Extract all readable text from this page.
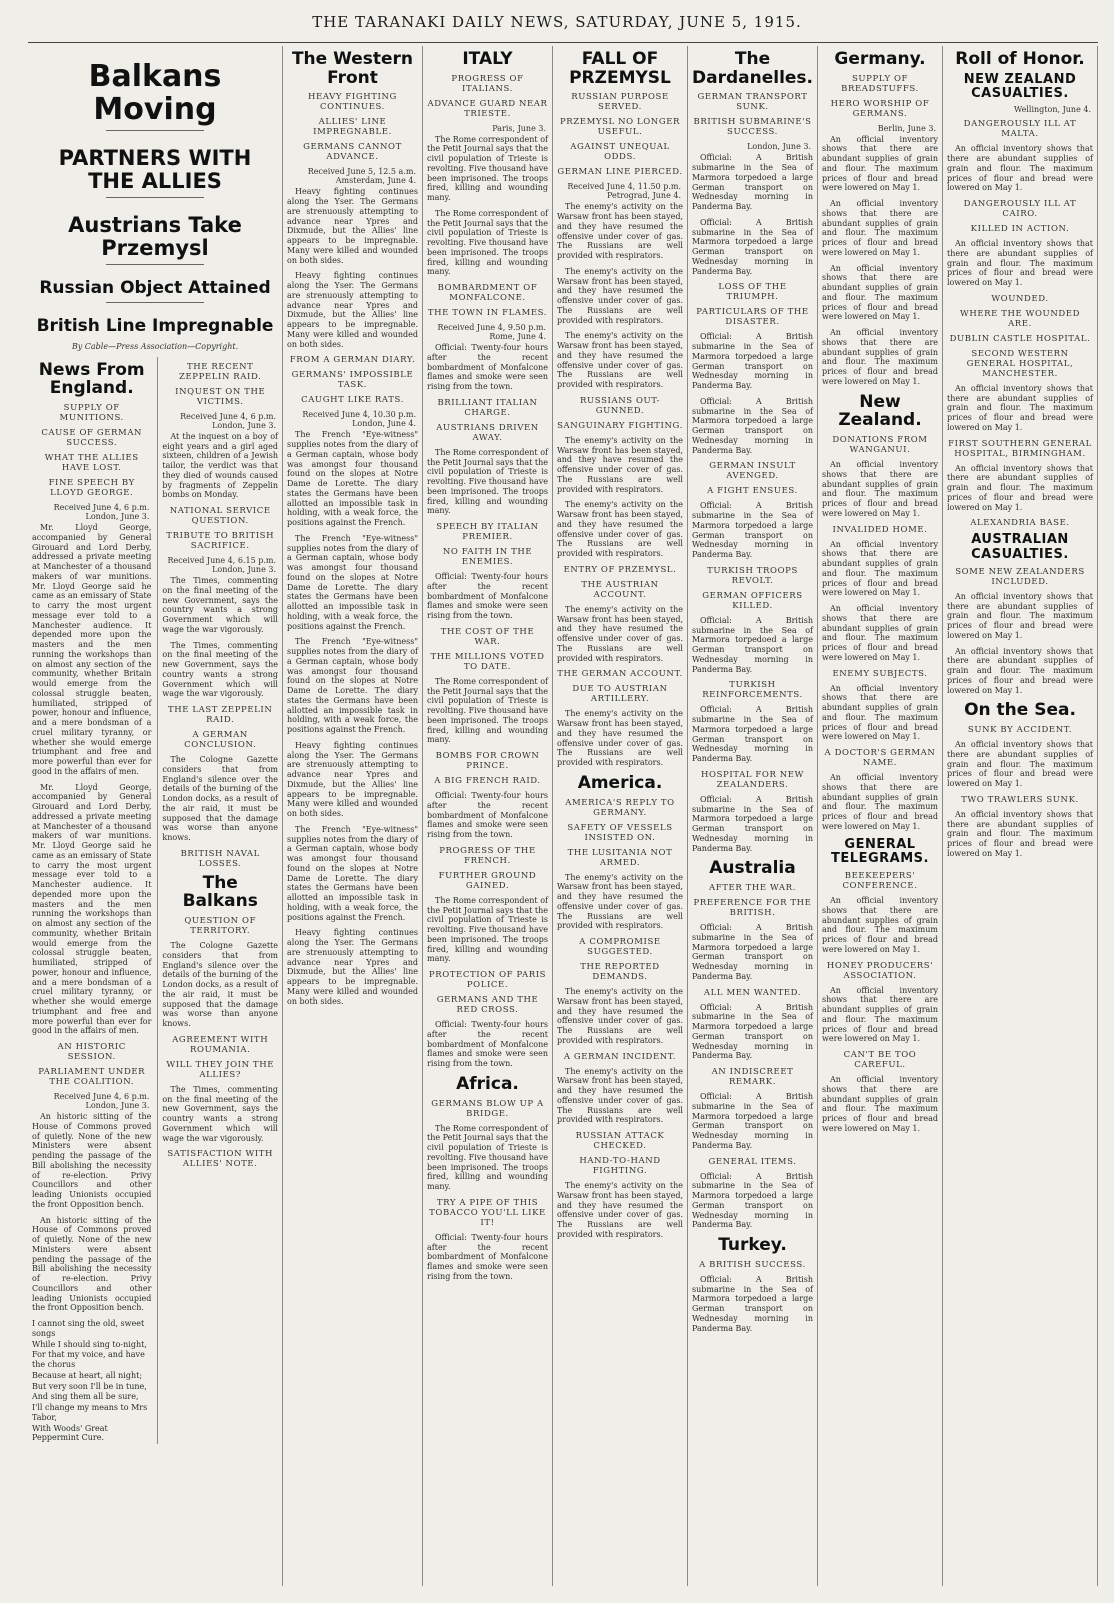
THE TARANAKI DAILY NEWS, SATURDAY, JUNE 5, 1915.
Balkans Moving
PARTNERS WITH THE ALLIES
Austrians Take Przemysl
Russian Object Attained
British Line Impregnable
By Cable—Press Association—Copyright.
News From England.
SUPPLY OF MUNITIONS.
CAUSE OF GERMAN SUCCESS.
WHAT THE ALLIES HAVE LOST.
FINE SPEECH BY LLOYD GEORGE.
Received June 4, 6 p.m. London, June 3.
Mr. Lloyd George, accompanied by General Girouard and Lord Derby, addressed a private meeting at Manchester of a thousand makers of war munitions. Mr. Lloyd George said he came as an emissary of State to carry the most urgent message ever told to a Manchester audience. It depended more upon the masters and the men running the workshops than on almost any section of the community, whether Britain would emerge from the colossal struggle beaten, humiliated, stripped of power, honour and influence, and a mere bondsman of a cruel military tyranny, or whether she would emerge triumphant and free and more powerful than ever for good in the affairs of men.
Mr. Lloyd George, accompanied by General Girouard and Lord Derby, addressed a private meeting at Manchester of a thousand makers of war munitions. Mr. Lloyd George said he came as an emissary of State to carry the most urgent message ever told to a Manchester audience. It depended more upon the masters and the men running the workshops than on almost any section of the community, whether Britain would emerge from the colossal struggle beaten, humiliated, stripped of power, honour and influence, and a mere bondsman of a cruel military tyranny, or whether she would emerge triumphant and free and more powerful than ever for good in the affairs of men.
AN HISTORIC SESSION.
PARLIAMENT UNDER THE COALITION.
Received June 4, 6 p.m. London, June 3.
An historic sitting of the House of Commons proved of quietly. None of the new Ministers were absent pending the passage of the Bill abolishing the necessity of re-election. Privy Councillors and other leading Unionists occupied the front Opposition bench.
An historic sitting of the House of Commons proved of quietly. None of the new Ministers were absent pending the passage of the Bill abolishing the necessity of re-election. Privy Councillors and other leading Unionists occupied the front Opposition bench.
I cannot sing the old, sweet songs
While I should sing to-night,
For that my voice, and have the chorus
Because at heart, all night;
But very soon I'll be in tune,
And sing them all be sure,
I'll change my means to Mrs Tabor,
With Woods' Great Peppermint Cure.
THE RECENT ZEPPELIN RAID.
INQUEST ON THE VICTIMS.
Received June 4, 6 p.m. London, June 3.
At the inquest on a boy of eight years and a girl aged sixteen, children of a Jewish tailor, the verdict was that they died of wounds caused by fragments of Zeppelin bombs on Monday.
NATIONAL SERVICE QUESTION.
TRIBUTE TO BRITISH SACRIFICE.
Received June 4, 6.15 p.m. London, June 3.
The Times, commenting on the final meeting of the new Government, says the country wants a strong Government which will wage the war vigorously.
The Times, commenting on the final meeting of the new Government, says the country wants a strong Government which will wage the war vigorously.
THE LAST ZEPPELIN RAID.
A GERMAN CONCLUSION.
The Cologne Gazette considers that from England's silence over the details of the burning of the London docks, as a result of the air raid, it must be supposed that the damage was worse than anyone knows.
BRITISH NAVAL LOSSES.
The Balkans
QUESTION OF TERRITORY.
The Cologne Gazette considers that from England's silence over the details of the burning of the London docks, as a result of the air raid, it must be supposed that the damage was worse than anyone knows.
AGREEMENT WITH ROUMANIA.
WILL THEY JOIN THE ALLIES?
The Times, commenting on the final meeting of the new Government, says the country wants a strong Government which will wage the war vigorously.
SATISFACTION WITH ALLIES' NOTE.
The Western Front
HEAVY FIGHTING CONTINUES.
ALLIES' LINE IMPREGNABLE.
GERMANS CANNOT ADVANCE.
Received June 5, 12.5 a.m. Amsterdam, June 4.
Heavy fighting continues along the Yser. The Germans are strenuously attempting to advance near Ypres and Dixmude, but the Allies' line appears to be impregnable. Many were killed and wounded on both sides.
Heavy fighting continues along the Yser. The Germans are strenuously attempting to advance near Ypres and Dixmude, but the Allies' line appears to be impregnable. Many were killed and wounded on both sides.
FROM A GERMAN DIARY.
GERMANS' IMPOSSIBLE TASK.
CAUGHT LIKE RATS.
Received June 4, 10.30 p.m. London, June 4.
The French "Eye-witness" supplies notes from the diary of a German captain, whose body was amongst four thousand found on the slopes at Notre Dame de Lorette. The diary states the Germans have been allotted an impossible task in holding, with a weak force, the positions against the French.
The French "Eye-witness" supplies notes from the diary of a German captain, whose body was amongst four thousand found on the slopes at Notre Dame de Lorette. The diary states the Germans have been allotted an impossible task in holding, with a weak force, the positions against the French.
The French "Eye-witness" supplies notes from the diary of a German captain, whose body was amongst four thousand found on the slopes at Notre Dame de Lorette. The diary states the Germans have been allotted an impossible task in holding, with a weak force, the positions against the French.
Heavy fighting continues along the Yser. The Germans are strenuously attempting to advance near Ypres and Dixmude, but the Allies' line appears to be impregnable. Many were killed and wounded on both sides.
The French "Eye-witness" supplies notes from the diary of a German captain, whose body was amongst four thousand found on the slopes at Notre Dame de Lorette. The diary states the Germans have been allotted an impossible task in holding, with a weak force, the positions against the French.
Heavy fighting continues along the Yser. The Germans are strenuously attempting to advance near Ypres and Dixmude, but the Allies' line appears to be impregnable. Many were killed and wounded on both sides.
ITALY
PROGRESS OF ITALIANS.
ADVANCE GUARD NEAR TRIESTE.
Paris, June 3.
The Rome correspondent of the Petit Journal says that the civil population of Trieste is revolting. Five thousand have been imprisoned. The troops fired, killing and wounding many.
The Rome correspondent of the Petit Journal says that the civil population of Trieste is revolting. Five thousand have been imprisoned. The troops fired, killing and wounding many.
BOMBARDMENT OF MONFALCONE.
THE TOWN IN FLAMES.
Received June 4, 9.50 p.m. Rome, June 4.
Official: Twenty-four hours after the recent bombardment of Monfalcone flames and smoke were seen rising from the town.
BRILLIANT ITALIAN CHARGE.
AUSTRIANS DRIVEN AWAY.
The Rome correspondent of the Petit Journal says that the civil population of Trieste is revolting. Five thousand have been imprisoned. The troops fired, killing and wounding many.
SPEECH BY ITALIAN PREMIER.
NO FAITH IN THE ENEMIES.
Official: Twenty-four hours after the recent bombardment of Monfalcone flames and smoke were seen rising from the town.
THE COST OF THE WAR.
THE MILLIONS VOTED TO DATE.
The Rome correspondent of the Petit Journal says that the civil population of Trieste is revolting. Five thousand have been imprisoned. The troops fired, killing and wounding many.
BOMBS FOR CROWN PRINCE.
A BIG FRENCH RAID.
Official: Twenty-four hours after the recent bombardment of Monfalcone flames and smoke were seen rising from the town.
PROGRESS OF THE FRENCH.
FURTHER GROUND GAINED.
The Rome correspondent of the Petit Journal says that the civil population of Trieste is revolting. Five thousand have been imprisoned. The troops fired, killing and wounding many.
PROTECTION OF PARIS POLICE.
GERMANS AND THE RED CROSS.
Official: Twenty-four hours after the recent bombardment of Monfalcone flames and smoke were seen rising from the town.
Africa.
GERMANS BLOW UP A BRIDGE.
The Rome correspondent of the Petit Journal says that the civil population of Trieste is revolting. Five thousand have been imprisoned. The troops fired, killing and wounding many.
TRY A PIPE OF THIS TOBACCO YOU'LL LIKE IT!
Official: Twenty-four hours after the recent bombardment of Monfalcone flames and smoke were seen rising from the town.
FALL OF PRZEMYSL
RUSSIAN PURPOSE SERVED.
PRZEMYSL NO LONGER USEFUL.
AGAINST UNEQUAL ODDS.
GERMAN LINE PIERCED.
Received June 4, 11.50 p.m. Petrograd, June 4.
The enemy's activity on the Warsaw front has been stayed, and they have resumed the offensive under cover of gas. The Russians are well provided with respirators.
The enemy's activity on the Warsaw front has been stayed, and they have resumed the offensive under cover of gas. The Russians are well provided with respirators.
The enemy's activity on the Warsaw front has been stayed, and they have resumed the offensive under cover of gas. The Russians are well provided with respirators.
RUSSIANS OUT-GUNNED.
SANGUINARY FIGHTING.
The enemy's activity on the Warsaw front has been stayed, and they have resumed the offensive under cover of gas. The Russians are well provided with respirators.
The enemy's activity on the Warsaw front has been stayed, and they have resumed the offensive under cover of gas. The Russians are well provided with respirators.
ENTRY OF PRZEMYSL.
THE AUSTRIAN ACCOUNT.
The enemy's activity on the Warsaw front has been stayed, and they have resumed the offensive under cover of gas. The Russians are well provided with respirators.
THE GERMAN ACCOUNT.
DUE TO AUSTRIAN ARTILLERY.
The enemy's activity on the Warsaw front has been stayed, and they have resumed the offensive under cover of gas. The Russians are well provided with respirators.
America.
AMERICA'S REPLY TO GERMANY.
SAFETY OF VESSELS INSISTED ON.
THE LUSITANIA NOT ARMED.
The enemy's activity on the Warsaw front has been stayed, and they have resumed the offensive under cover of gas. The Russians are well provided with respirators.
A COMPROMISE SUGGESTED.
THE REPORTED DEMANDS.
The enemy's activity on the Warsaw front has been stayed, and they have resumed the offensive under cover of gas. The Russians are well provided with respirators.
A GERMAN INCIDENT.
The enemy's activity on the Warsaw front has been stayed, and they have resumed the offensive under cover of gas. The Russians are well provided with respirators.
RUSSIAN ATTACK CHECKED.
HAND-TO-HAND FIGHTING.
The enemy's activity on the Warsaw front has been stayed, and they have resumed the offensive under cover of gas. The Russians are well provided with respirators.
The Dardanelles.
GERMAN TRANSPORT SUNK.
BRITISH SUBMARINE'S SUCCESS.
London, June 3.
Official: A British submarine in the Sea of Marmora torpedoed a large German transport on Wednesday morning in Panderma Bay.
Official: A British submarine in the Sea of Marmora torpedoed a large German transport on Wednesday morning in Panderma Bay.
LOSS OF THE TRIUMPH.
PARTICULARS OF THE DISASTER.
Official: A British submarine in the Sea of Marmora torpedoed a large German transport on Wednesday morning in Panderma Bay.
Official: A British submarine in the Sea of Marmora torpedoed a large German transport on Wednesday morning in Panderma Bay.
GERMAN INSULT AVENGED.
A FIGHT ENSUES.
Official: A British submarine in the Sea of Marmora torpedoed a large German transport on Wednesday morning in Panderma Bay.
TURKISH TROOPS REVOLT.
GERMAN OFFICERS KILLED.
Official: A British submarine in the Sea of Marmora torpedoed a large German transport on Wednesday morning in Panderma Bay.
TURKISH REINFORCEMENTS.
Official: A British submarine in the Sea of Marmora torpedoed a large German transport on Wednesday morning in Panderma Bay.
HOSPITAL FOR NEW ZEALANDERS.
Official: A British submarine in the Sea of Marmora torpedoed a large German transport on Wednesday morning in Panderma Bay.
Australia
AFTER THE WAR.
PREFERENCE FOR THE BRITISH.
Official: A British submarine in the Sea of Marmora torpedoed a large German transport on Wednesday morning in Panderma Bay.
ALL MEN WANTED.
Official: A British submarine in the Sea of Marmora torpedoed a large German transport on Wednesday morning in Panderma Bay.
AN INDISCREET REMARK.
Official: A British submarine in the Sea of Marmora torpedoed a large German transport on Wednesday morning in Panderma Bay.
GENERAL ITEMS.
Official: A British submarine in the Sea of Marmora torpedoed a large German transport on Wednesday morning in Panderma Bay.
Turkey.
A BRITISH SUCCESS.
Official: A British submarine in the Sea of Marmora torpedoed a large German transport on Wednesday morning in Panderma Bay.
Germany.
SUPPLY OF BREADSTUFFS.
HERO WORSHIP OF GERMANS.
Berlin, June 3.
An official inventory shows that there are abundant supplies of grain and flour. The maximum prices of flour and bread were lowered on May 1.
An official inventory shows that there are abundant supplies of grain and flour. The maximum prices of flour and bread were lowered on May 1.
An official inventory shows that there are abundant supplies of grain and flour. The maximum prices of flour and bread were lowered on May 1.
An official inventory shows that there are abundant supplies of grain and flour. The maximum prices of flour and bread were lowered on May 1.
New Zealand.
DONATIONS FROM WANGANUI.
An official inventory shows that there are abundant supplies of grain and flour. The maximum prices of flour and bread were lowered on May 1.
INVALIDED HOME.
An official inventory shows that there are abundant supplies of grain and flour. The maximum prices of flour and bread were lowered on May 1.
An official inventory shows that there are abundant supplies of grain and flour. The maximum prices of flour and bread were lowered on May 1.
ENEMY SUBJECTS.
An official inventory shows that there are abundant supplies of grain and flour. The maximum prices of flour and bread were lowered on May 1.
A DOCTOR'S GERMAN NAME.
An official inventory shows that there are abundant supplies of grain and flour. The maximum prices of flour and bread were lowered on May 1.
GENERAL TELEGRAMS.
BEEKEEPERS' CONFERENCE.
An official inventory shows that there are abundant supplies of grain and flour. The maximum prices of flour and bread were lowered on May 1.
HONEY PRODUCERS' ASSOCIATION.
An official inventory shows that there are abundant supplies of grain and flour. The maximum prices of flour and bread were lowered on May 1.
CAN'T BE TOO CAREFUL.
An official inventory shows that there are abundant supplies of grain and flour. The maximum prices of flour and bread were lowered on May 1.
Roll of Honor.
NEW ZEALAND CASUALTIES.
Wellington, June 4.
DANGEROUSLY ILL AT MALTA.
An official inventory shows that there are abundant supplies of grain and flour. The maximum prices of flour and bread were lowered on May 1.
DANGEROUSLY ILL AT CAIRO.
KILLED IN ACTION.
An official inventory shows that there are abundant supplies of grain and flour. The maximum prices of flour and bread were lowered on May 1.
WOUNDED.
WHERE THE WOUNDED ARE.
DUBLIN CASTLE HOSPITAL.
SECOND WESTERN GENERAL HOSPITAL, MANCHESTER.
An official inventory shows that there are abundant supplies of grain and flour. The maximum prices of flour and bread were lowered on May 1.
FIRST SOUTHERN GENERAL HOSPITAL, BIRMINGHAM.
An official inventory shows that there are abundant supplies of grain and flour. The maximum prices of flour and bread were lowered on May 1.
ALEXANDRIA BASE.
AUSTRALIAN CASUALTIES.
SOME NEW ZEALANDERS INCLUDED.
An official inventory shows that there are abundant supplies of grain and flour. The maximum prices of flour and bread were lowered on May 1.
An official inventory shows that there are abundant supplies of grain and flour. The maximum prices of flour and bread were lowered on May 1.
On the Sea.
SUNK BY ACCIDENT.
An official inventory shows that there are abundant supplies of grain and flour. The maximum prices of flour and bread were lowered on May 1.
TWO TRAWLERS SUNK.
An official inventory shows that there are abundant supplies of grain and flour. The maximum prices of flour and bread were lowered on May 1.
